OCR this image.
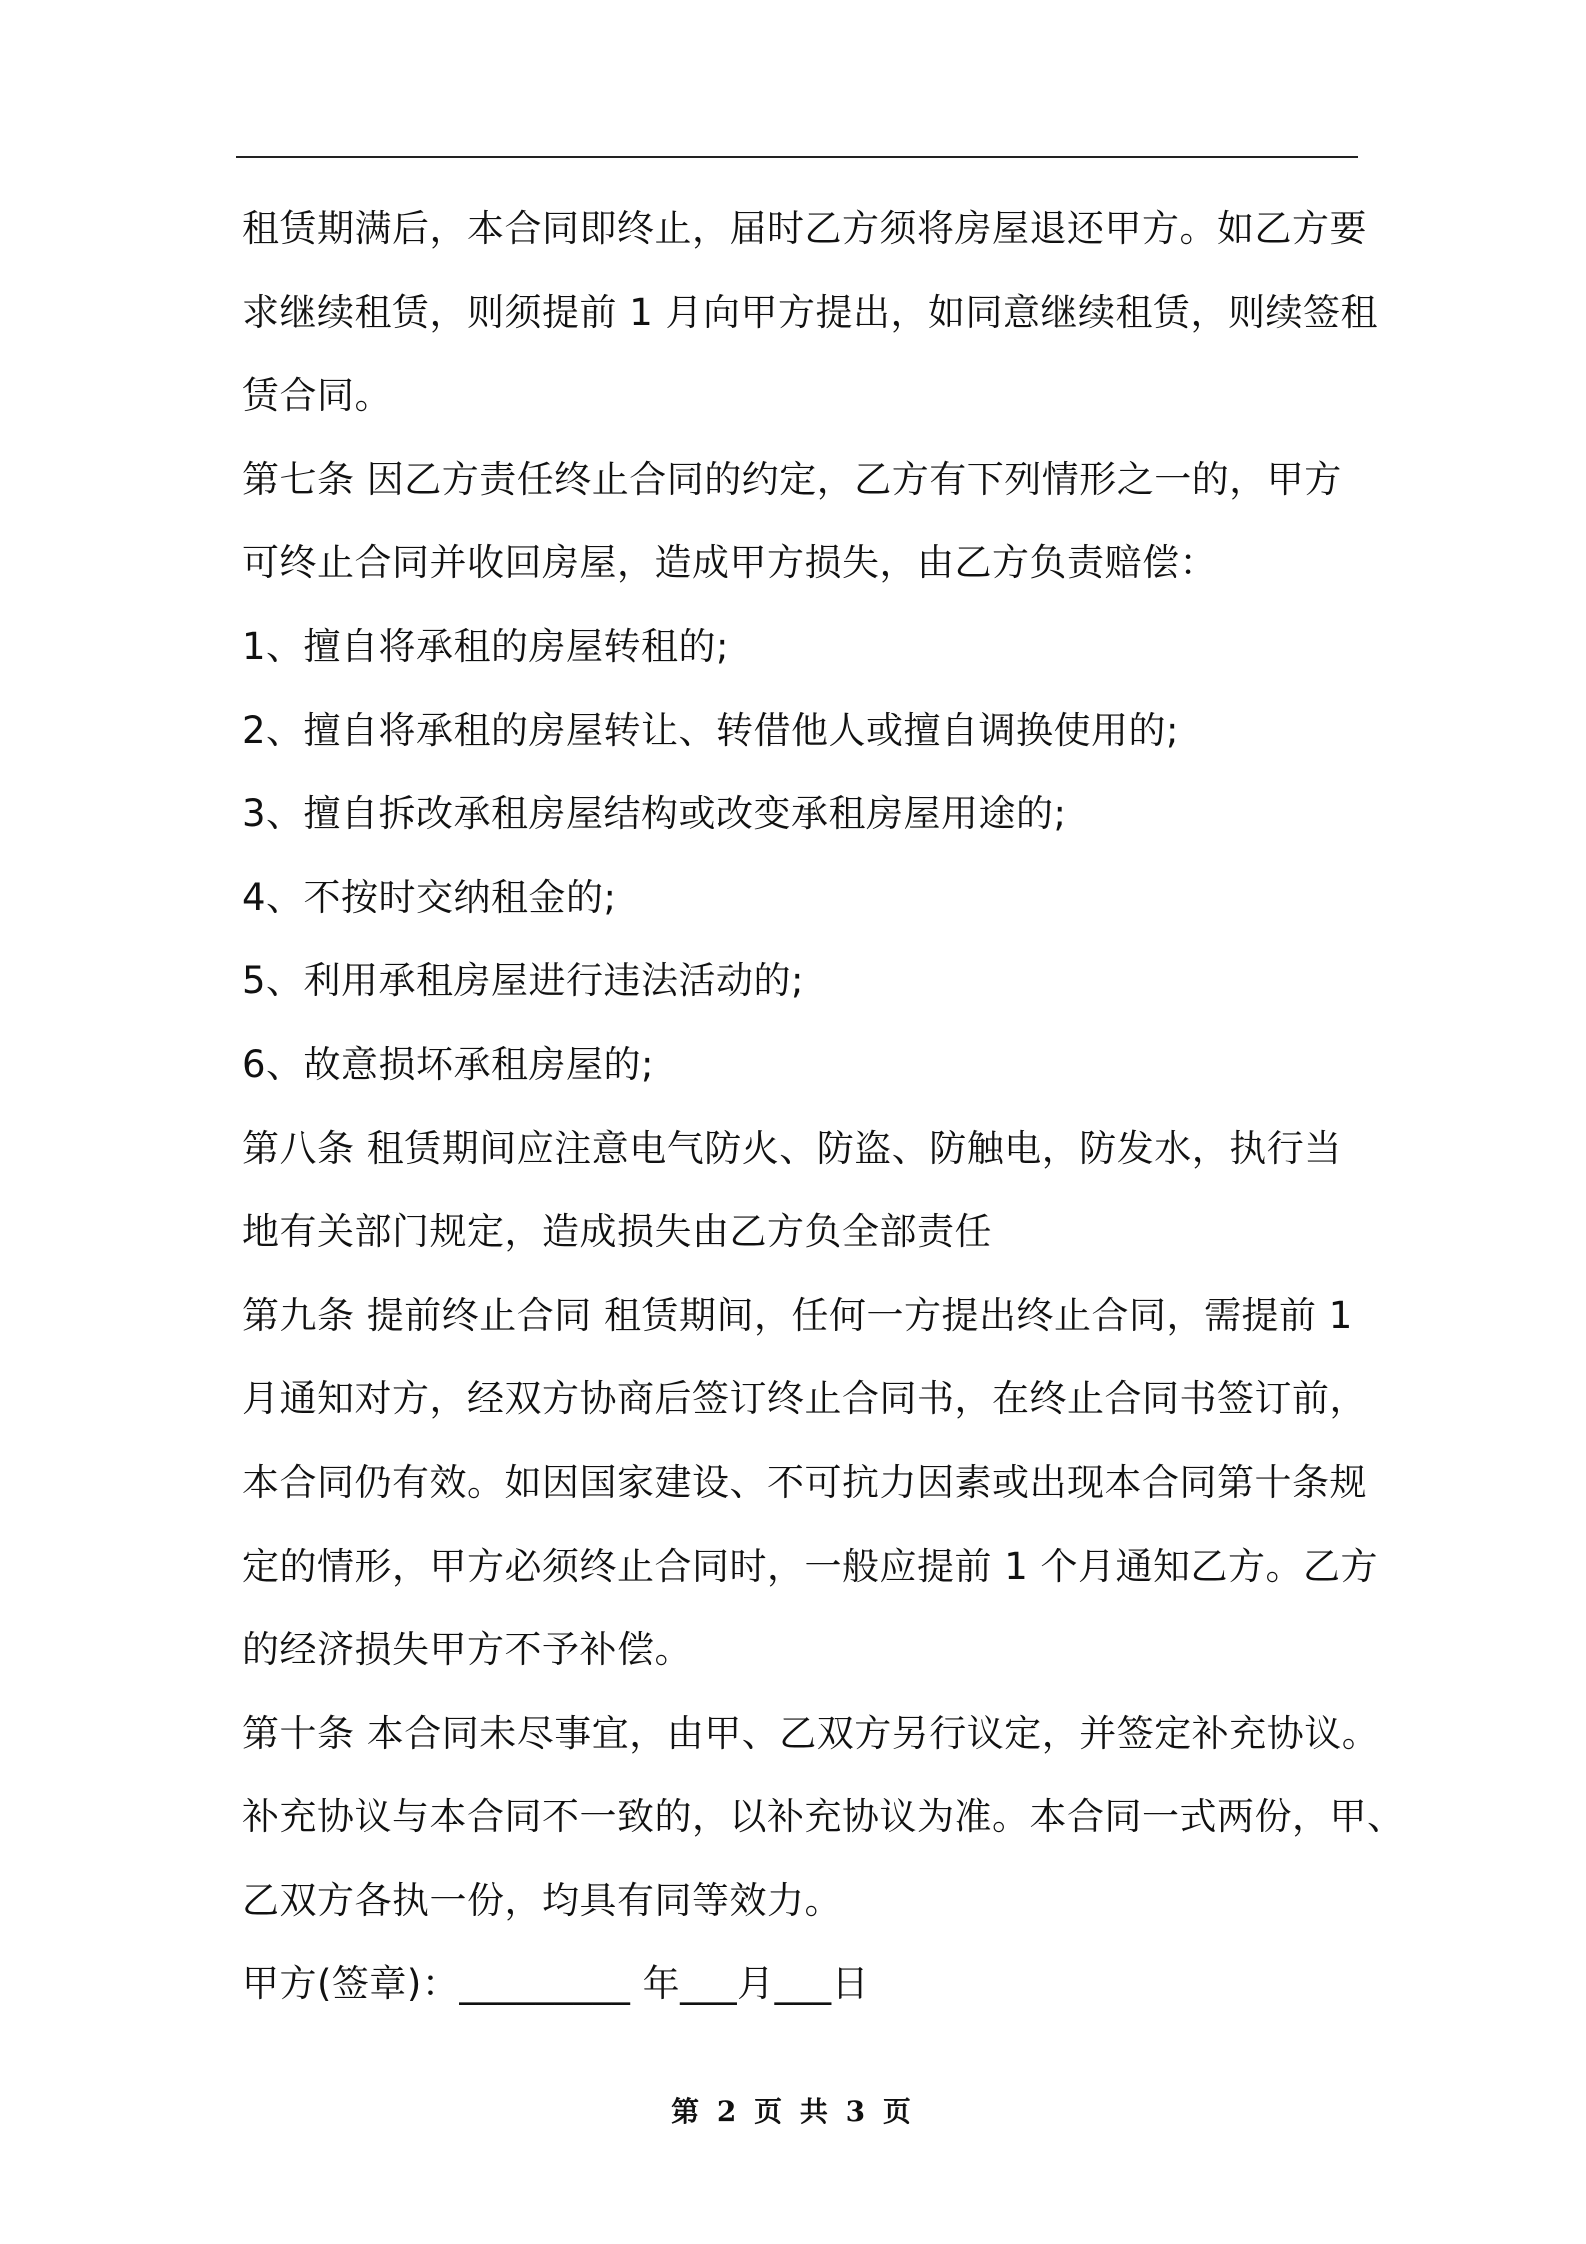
租赁期满后，本合同即终止，届时乙方须将房屋退还甲方。如乙方要
求继续租赁，则须提前 1 月向甲方提出，如同意继续租赁，则续签租
赁合同。
第七条 因乙方责任终止合同的约定，乙方有下列情形之一的，甲方
可终止合同并收回房屋，造成甲方损失，由乙方负责赔偿：
1、擅自将承租的房屋转租的;
2、擅自将承租的房屋转让、转借他人或擅自调换使用的;
3、擅自拆改承租房屋结构或改变承租房屋用途的;
4、不按时交纳租金的;
5、利用承租房屋进行违法活动的;
6、故意损坏承租房屋的;
第八条 租赁期间应注意电气防火、防盗、防触电，防发水，执行当
地有关部门规定，造成损失由乙方负全部责任
第九条 提前终止合同 租赁期间，任何一方提出终止合同，需提前 1
月通知对方，经双方协商后签订终止合同书，在终止合同书签订前，
本合同仍有效。如因国家建设、不可抗力因素或出现本合同第十条规
定的情形，甲方必须终止合同时，一般应提前 1 个月通知乙方。乙方
的经济损失甲方不予补偿。
第十条 本合同未尽事宜，由甲、乙双方另行议定，并签定补充协议。
补充协议与本合同不一致的，以补充协议为准。本合同一式两份，甲、
乙双方各执一份，均具有同等效力。
甲方(签章)：_________ 年___月___日
第 2 页 共 3 页
